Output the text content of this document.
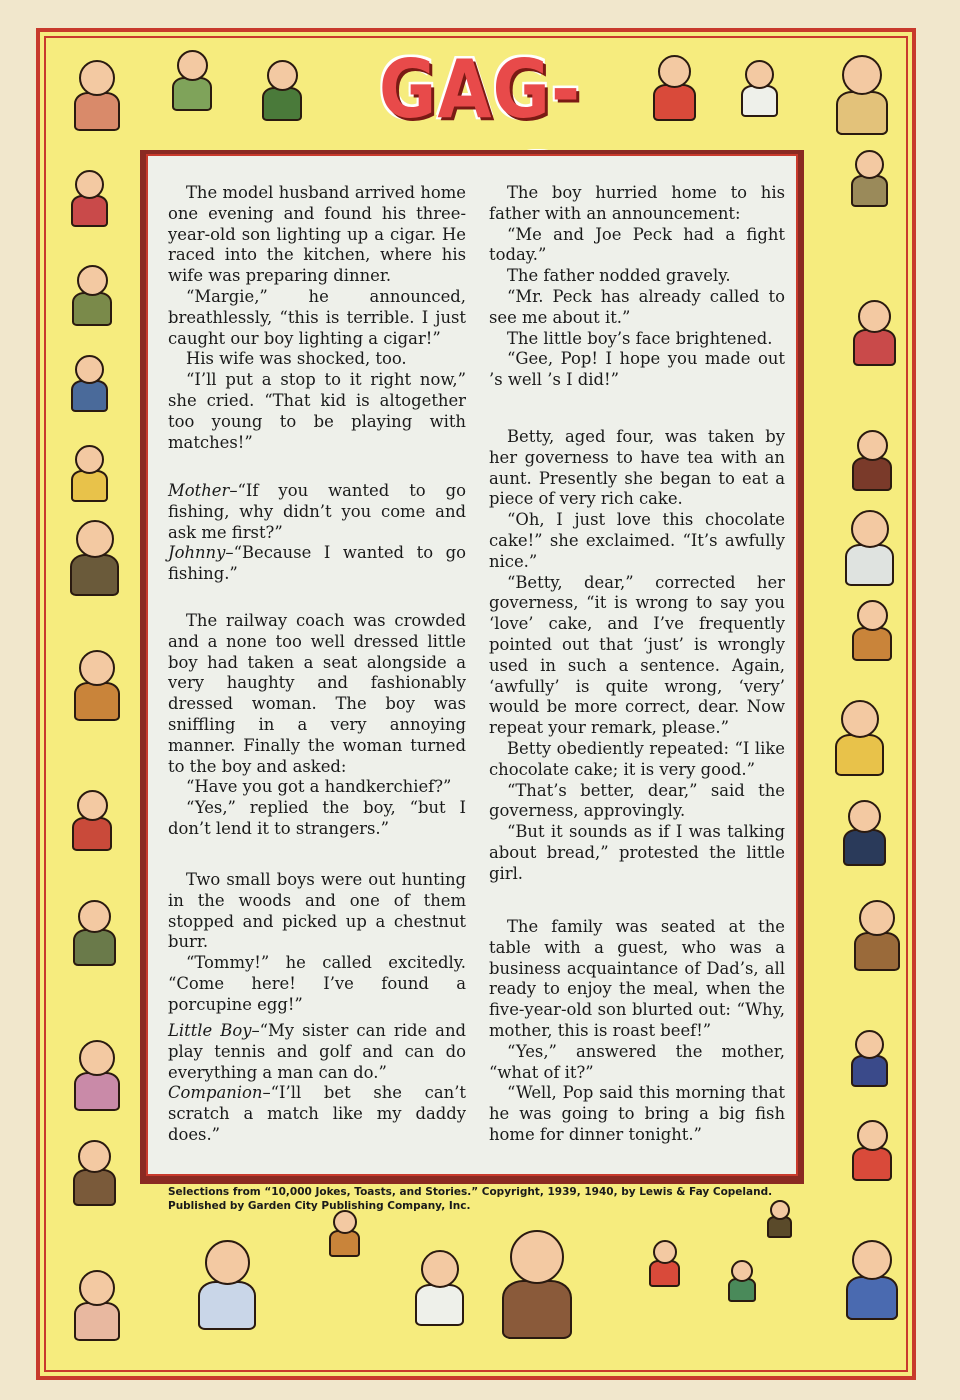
GAG-

The model husband arrived home one evening and found his three-year-old son lighting up a cigar. He raced into the kitchen, where his wife was preparing dinner.

“Margie,” he announced, breathlessly, “this is terrible. I just caught our boy lighting a cigar!”

His wife was shocked, too.

“I’ll put a stop to it right now,” she cried. “That kid is altogether too young to be playing with matches!”

Mother–“If you wanted to go fishing, why didn’t you come and ask me first?”

Johnny–“Because I wanted to go fishing.”

The railway coach was crowded and a none too well dressed little boy had taken a seat alongside a very haughty and fashionably dressed woman. The boy was sniffling in a very annoying manner. Finally the woman turned to the boy and asked:

“Have you got a handkerchief?”

“Yes,” replied the boy, “but I don’t lend it to strangers.”

Two small boys were out hunting in the woods and one of them stopped and picked up a chestnut burr.

“Tommy!” he called excitedly. “Come here! I’ve found a porcupine egg!”

Little Boy–“My sister can ride and play tennis and golf and can do everything a man can do.”

Companion–“I’ll bet she can’t scratch a match like my daddy does.”

The boy hurried home to his father with an announcement:

“Me and Joe Peck had a fight today.”

The father nodded gravely.

“Mr. Peck has already called to see me about it.”

The little boy’s face brightened.

“Gee, Pop! I hope you made out ’s well ’s I did!”

Betty, aged four, was taken by her governess to have tea with an aunt. Presently she began to eat a piece of very rich cake.

“Oh, I just love this chocolate cake!” she exclaimed. “It’s awfully nice.”

“Betty, dear,” corrected her governess, “it is wrong to say you ‘love’ cake, and I’ve frequently pointed out that ‘just’ is wrongly used in such a sentence. Again, ‘awfully’ is quite wrong, ‘very’ would be more correct, dear. Now repeat your remark, please.”

Betty obediently repeated: “I like chocolate cake; it is very good.”

“That’s better, dear,” said the governess, approvingly.

“But it sounds as if I was talking about bread,” protested the little girl.

The family was seated at the table with a guest, who was a business acquaintance of Dad’s, all ready to enjoy the meal, when the five-year-old son blurted out: “Why, mother, this is roast beef!”

“Yes,” answered the mother, “what of it?”

“Well, Pop said this morning that he was going to bring a big fish home for dinner tonight.”

Selections from “10,000 Jokes, Toasts, and Stories.” Copyright, 1939, 1940, by Lewis & Fay Copeland. Published by Garden City Publishing Company, Inc.
